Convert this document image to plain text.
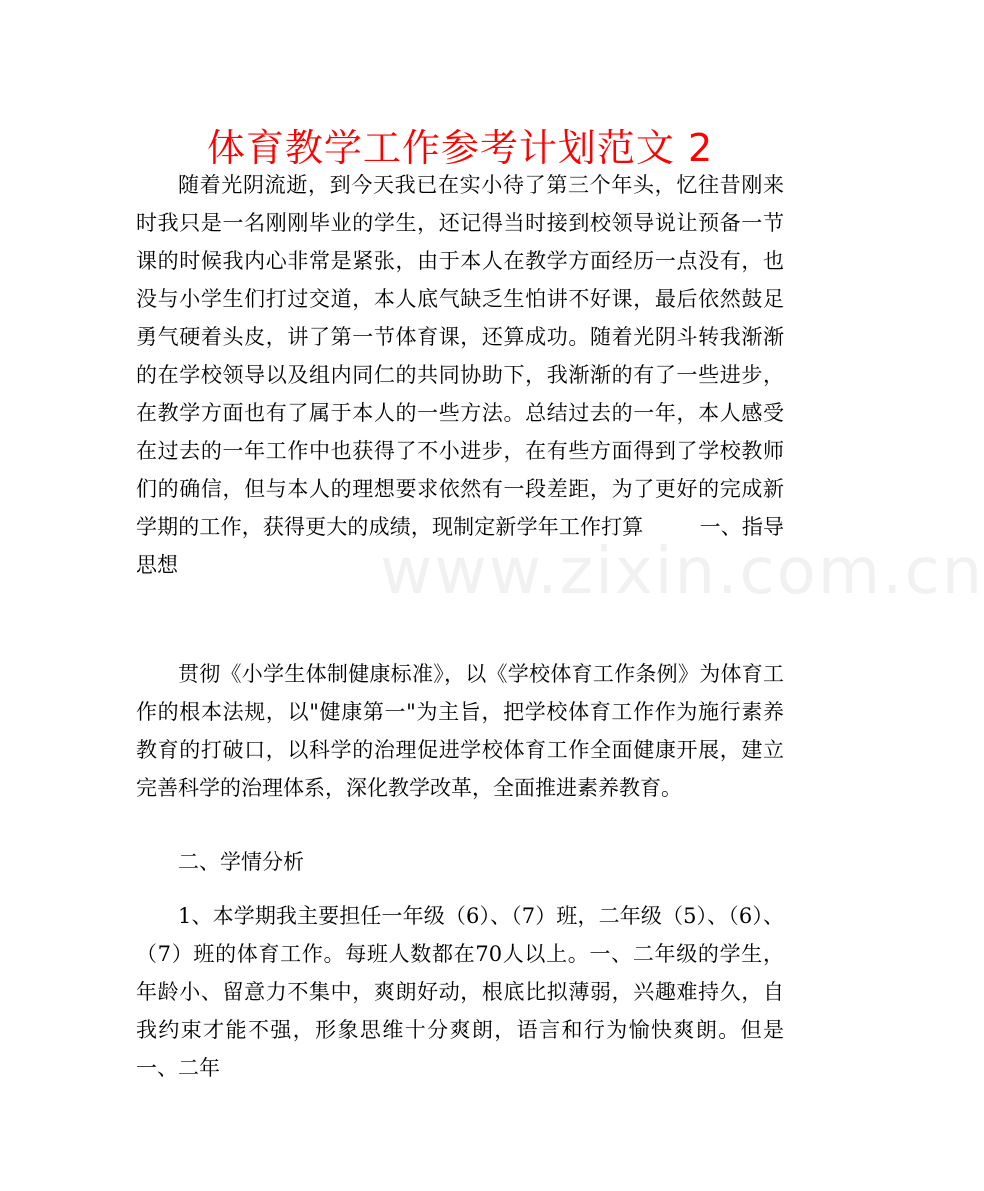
www.zixin.com.cn
体育教学工作参考计划范文 2

随着光阴流逝，到今天我已在实小待了第三个年头，忆往昔刚来时我只是一名刚刚毕业的学生，还记得当时接到校领导说让预备一节课的时候我内心非常是紧张，由于本人在教学方面经历一点没有，也没与小学生们打过交道，本人底气缺乏生怕讲不好课，最后依然鼓足勇气硬着头皮，讲了第一节体育课，还算成功。随着光阴斗转我渐渐的在学校领导以及组内同仁的共同协助下，我渐渐的有了一些进步，在教学方面也有了属于本人的一些方法。总结过去的一年，本人感受在过去的一年工作中也获得了不小进步，在有些方面得到了学校教师们的确信，但与本人的理想要求依然有一段差距，为了更好的完成新学期的工作，获得更大的成绩，现制定新学年工作打算	一、指导思想

贯彻《小学生体制健康标准》，以《学校体育工作条例》为体育工作的根本法规，以"健康第一"为主旨，把学校体育工作作为施行素养教育的打破口，以科学的治理促进学校体育工作全面健康开展，建立完善科学的治理体系，深化教学改革，全面推进素养教育。

二、学情分析

1、本学期我主要担任一年级（6）、（7）班，二年级（5）、（6）、（7）班的体育工作。每班人数都在70人以上。一、二年级的学生，年龄小、留意力不集中，爽朗好动，根底比拟薄弱，兴趣难持久，自我约束才能不强，形象思维十分爽朗，语言和行为愉快爽朗。但是一、二年
